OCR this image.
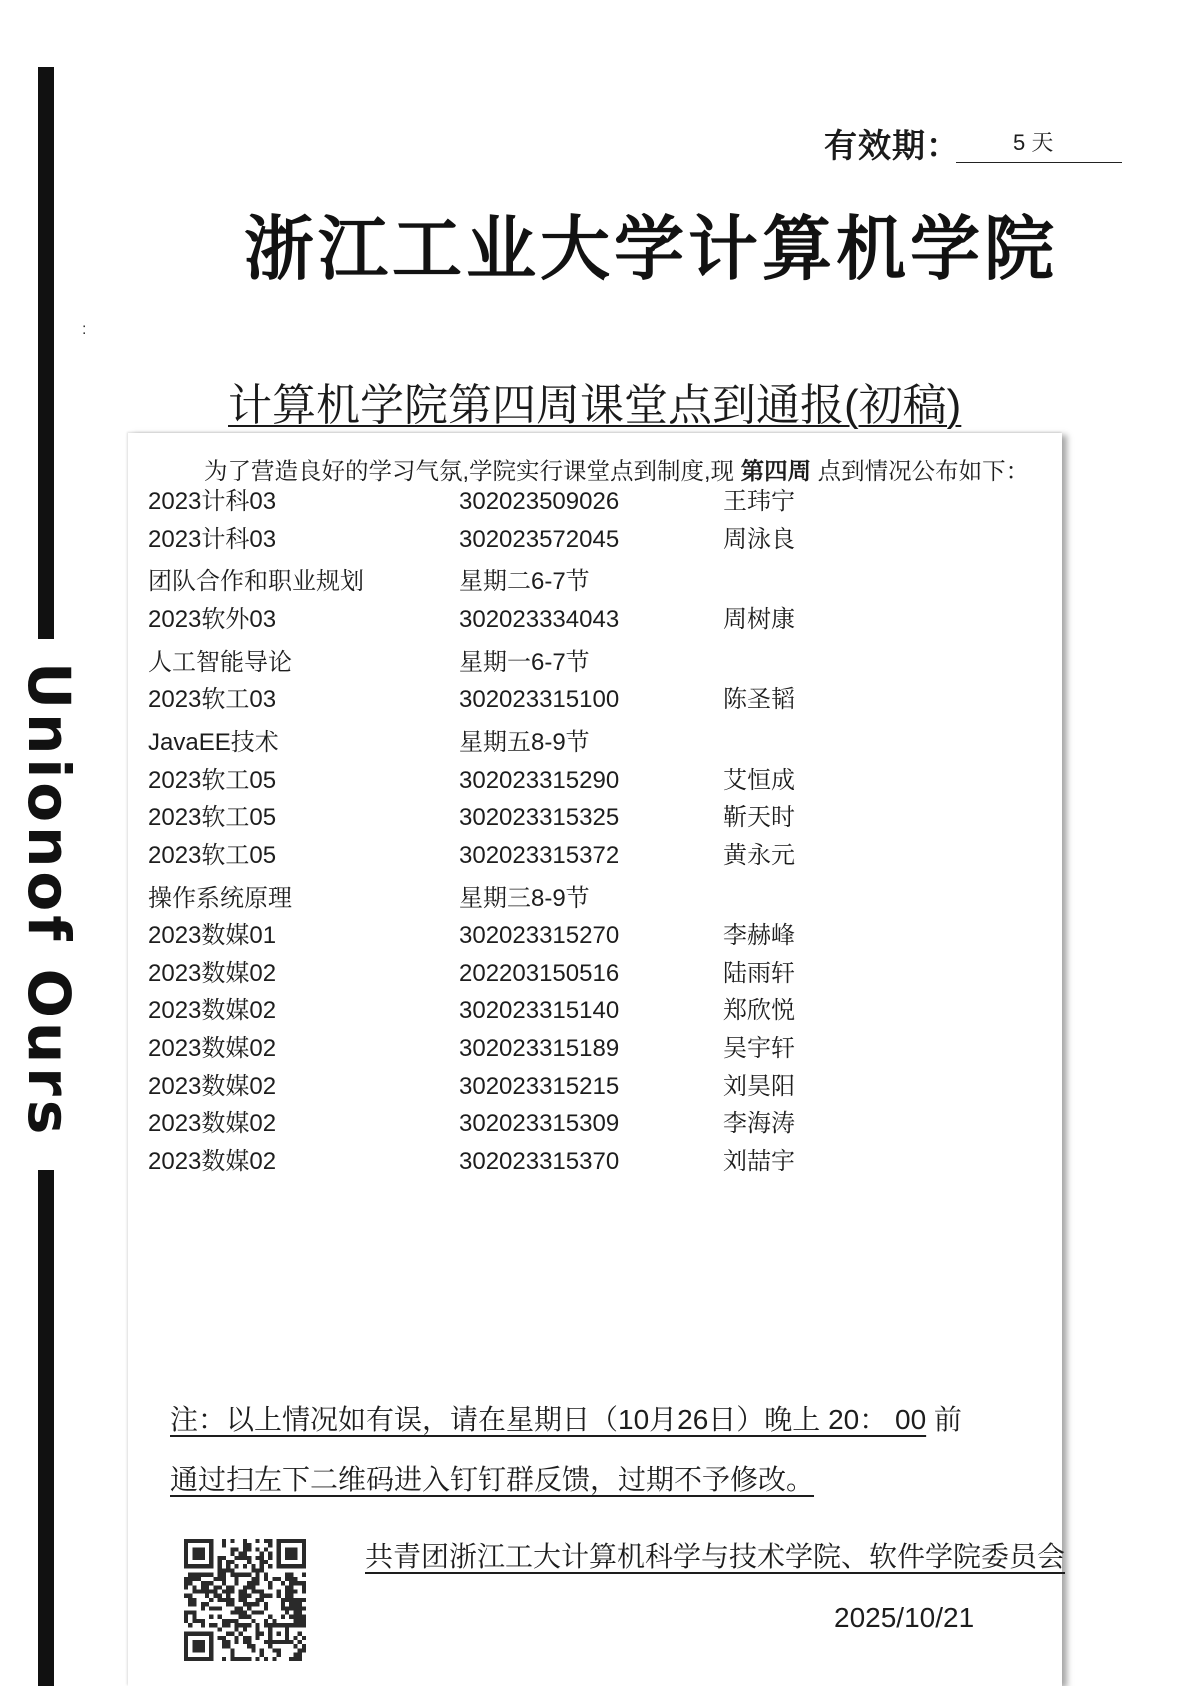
Unionof Ours
有效期：	5 天
浙江工业大学计算机学院
:
计算机学院第四周课堂点到通报(初稿)
为了营造良好的学习气氛,学院实行课堂点到制度,现 第四周 点到情况公布如下：
2023计科03	302023509026	王玮宁
2023计科03	302023572045	周泳良
团队合作和职业规划	星期二6-7节
2023软外03	302023334043	周树康
人工智能导论	星期一6-7节
2023软工03	302023315100	陈圣韬
JavaEE技术	星期五8-9节
2023软工05	302023315290	艾恒成
2023软工05	302023315325	靳天时
2023软工05	302023315372	黄永元
操作系统原理	星期三8-9节
2023数媒01	302023315270	李赫峰
2023数媒02	202203150516	陆雨轩
2023数媒02	302023315140	郑欣悦
2023数媒02	302023315189	吴宇轩
2023数媒02	302023315215	刘昊阳
2023数媒02	302023315309	李海涛
2023数媒02	302023315370	刘喆宇
注：以上情况如有误，请在星期日（10月26日）晚上 20： 00 前
通过扫左下二维码进入钉钉群反馈，过期不予修改。
共青团浙江工大计算机科学与技术学院、软件学院委员会
2025/10/21
